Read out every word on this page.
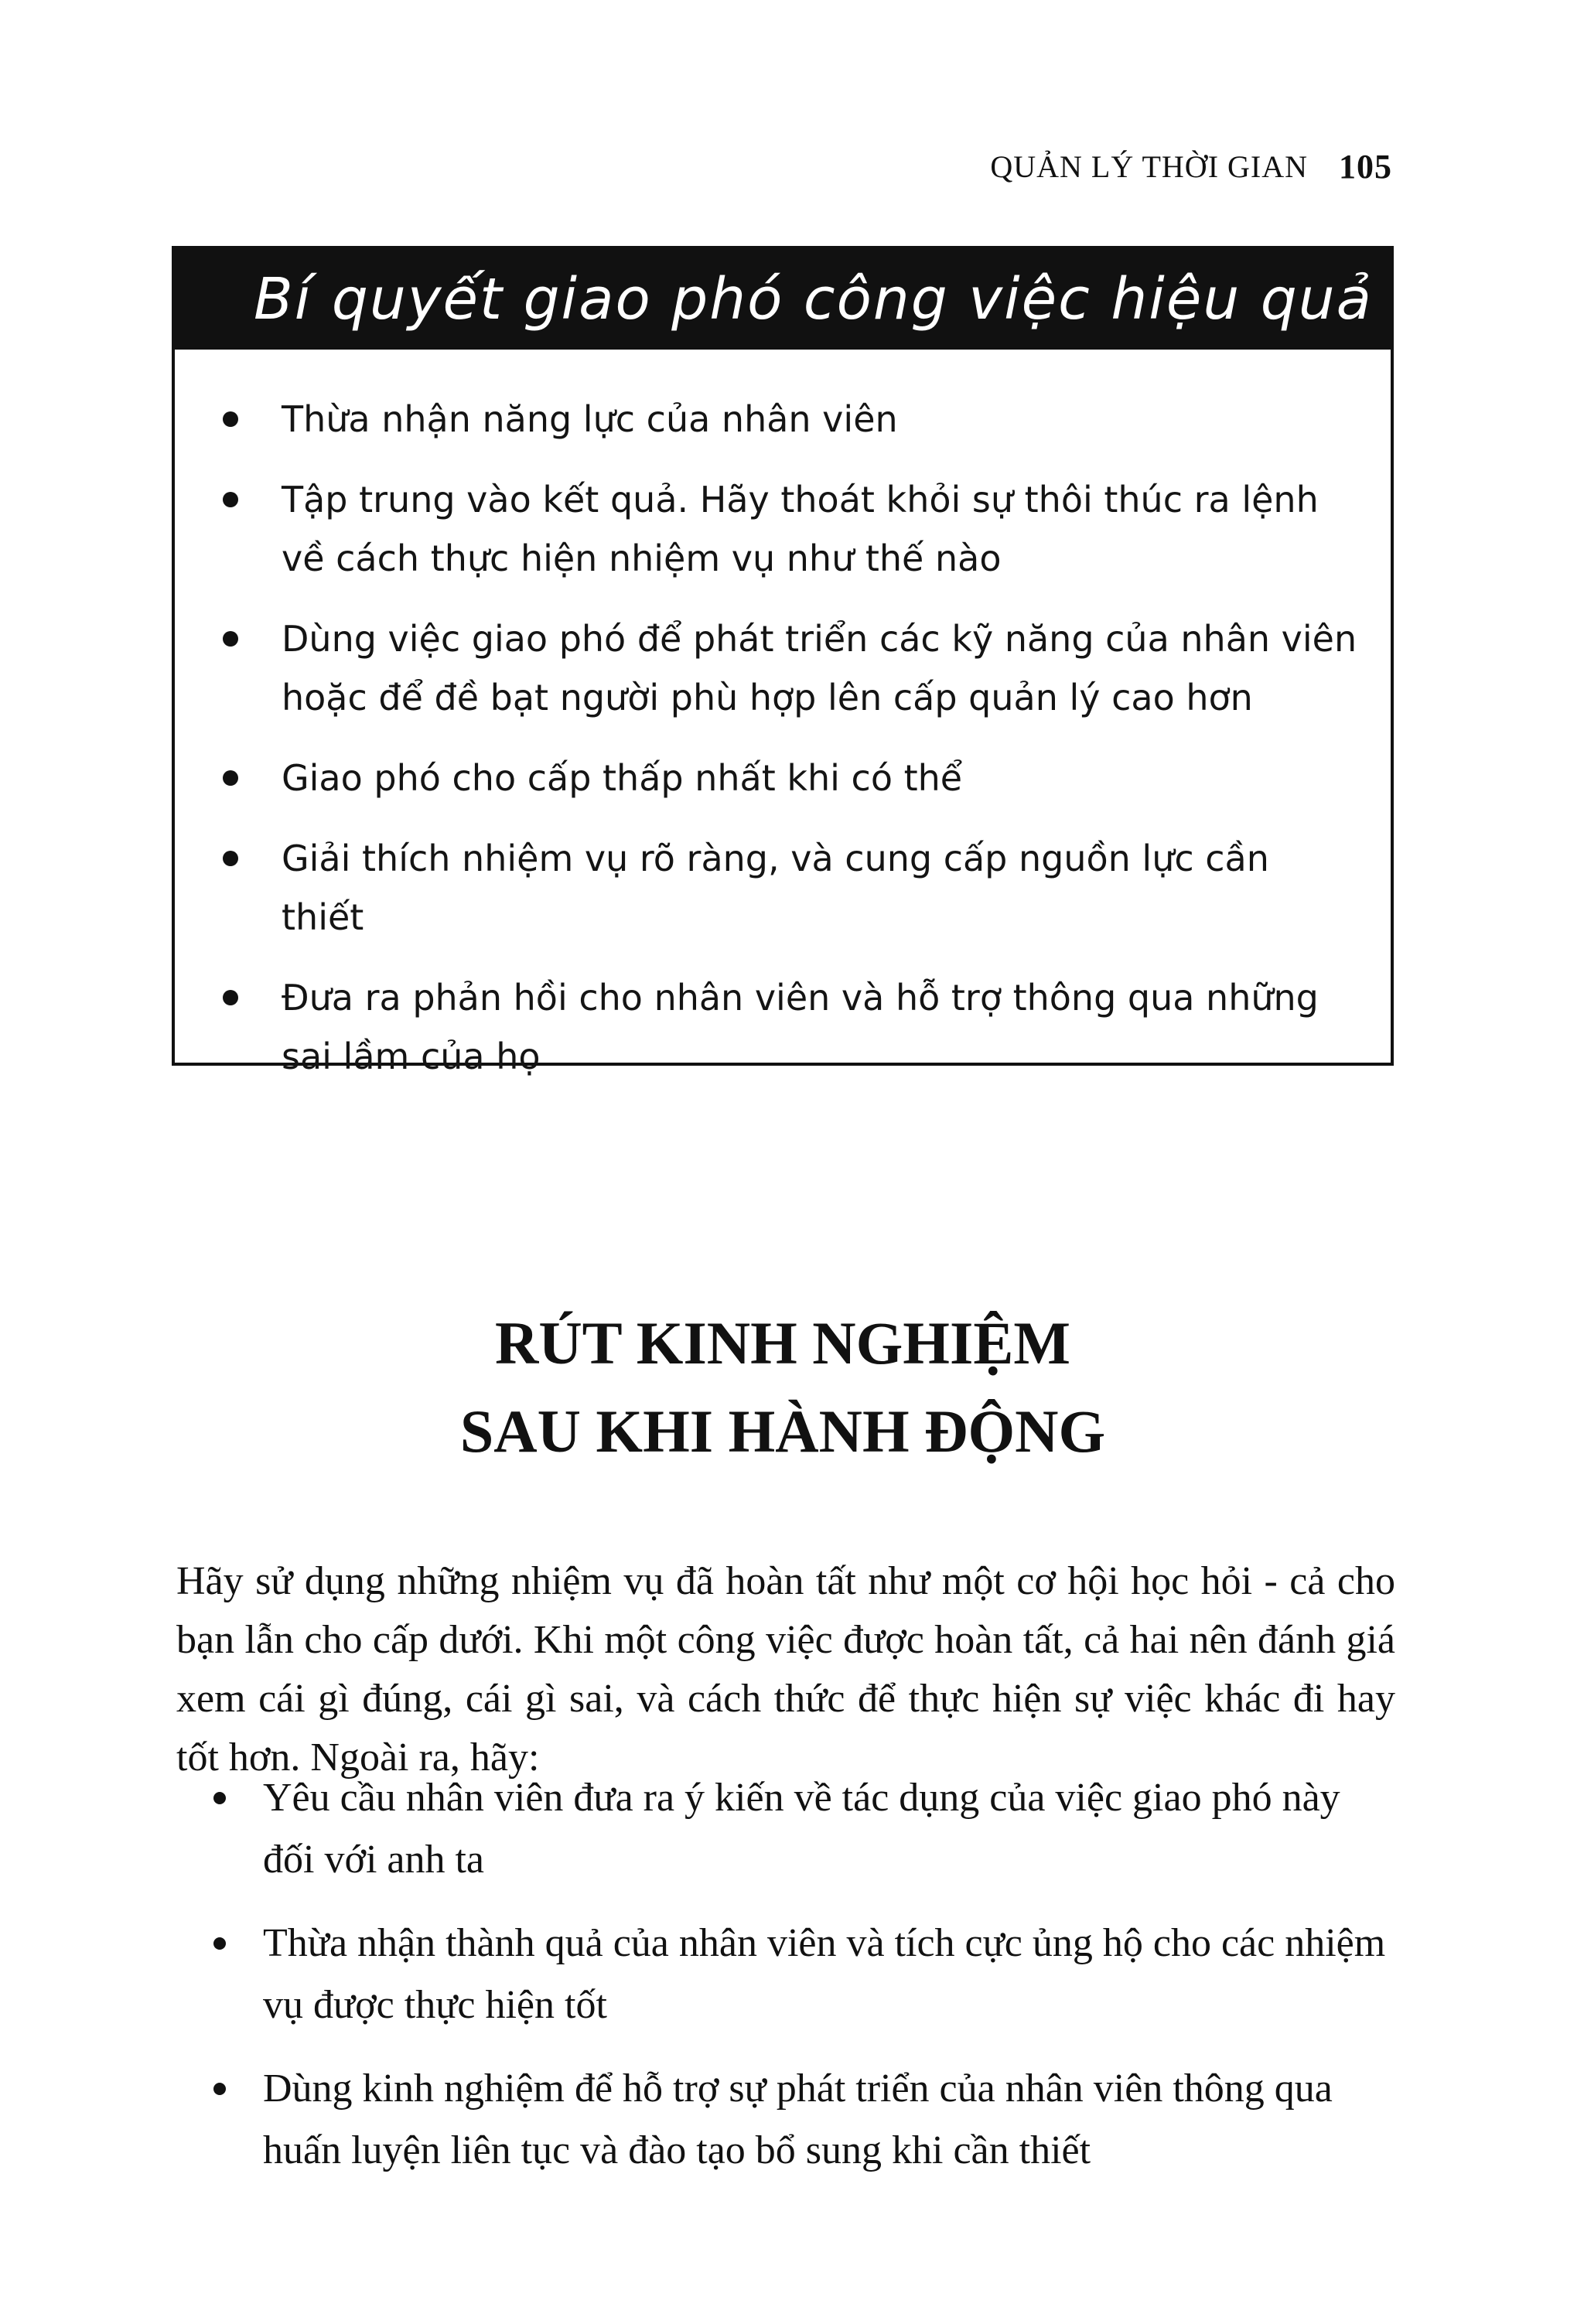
QUẢN LÝ THỜI GIAN 105
Bí quyết giao phó công việc hiệu quả
Thừa nhận năng lực của nhân viên
Tập trung vào kết quả. Hãy thoát khỏi sự thôi thúc ra lệnh về cách thực hiện nhiệm vụ như thế nào
Dùng việc giao phó để phát triển các kỹ năng của nhân viên hoặc để đề bạt người phù hợp lên cấp quản lý cao hơn
Giao phó cho cấp thấp nhất khi có thể
Giải thích nhiệm vụ rõ ràng, và cung cấp nguồn lực cần thiết
Đưa ra phản hồi cho nhân viên và hỗ trợ thông qua những sai lầm của họ
RÚT KINH NGHIỆM
SAU KHI HÀNH ĐỘNG

Hãy sử dụng những nhiệm vụ đã hoàn tất như một cơ hội học hỏi - cả cho bạn lẫn cho cấp dưới. Khi một công việc được hoàn tất, cả hai nên đánh giá xem cái gì đúng, cái gì sai, và cách thức để thực hiện sự việc khác đi hay tốt hơn. Ngoài ra, hãy:

Yêu cầu nhân viên đưa ra ý kiến về tác dụng của việc giao phó này đối với anh ta
Thừa nhận thành quả của nhân viên và tích cực ủng hộ cho các nhiệm vụ được thực hiện tốt
Dùng kinh nghiệm để hỗ trợ sự phát triển của nhân viên thông qua huấn luyện liên tục và đào tạo bổ sung khi cần thiết
